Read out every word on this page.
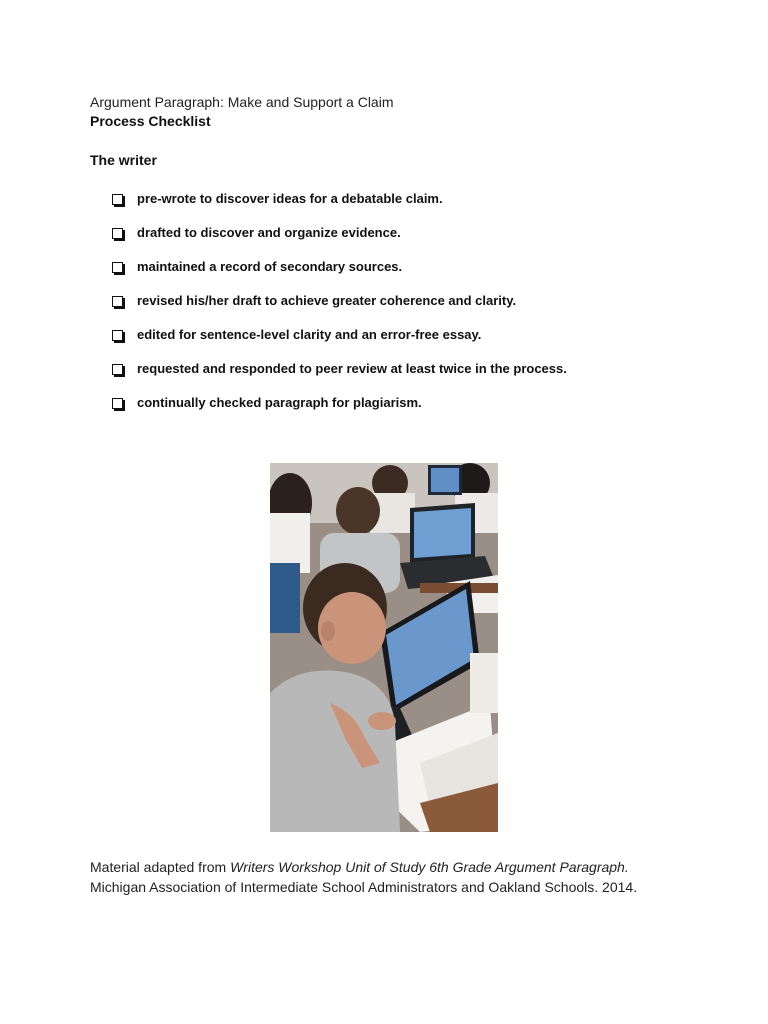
Argument Paragraph: Make and Support a Claim

Process Checklist

The writer

pre-wrote to discover ideas for a debatable claim.
drafted to discover and organize evidence.
maintained a record of secondary sources.
revised his/her draft to achieve greater coherence and clarity.
edited for sentence-level clarity and an error-free essay.
requested and responded to peer review at least twice in the process.
continually checked paragraph for plagiarism.

Material adapted from Writers Workshop Unit of Study 6th Grade Argument Paragraph.
Michigan Association of Intermediate School Administrators and Oakland Schools. 2014.
